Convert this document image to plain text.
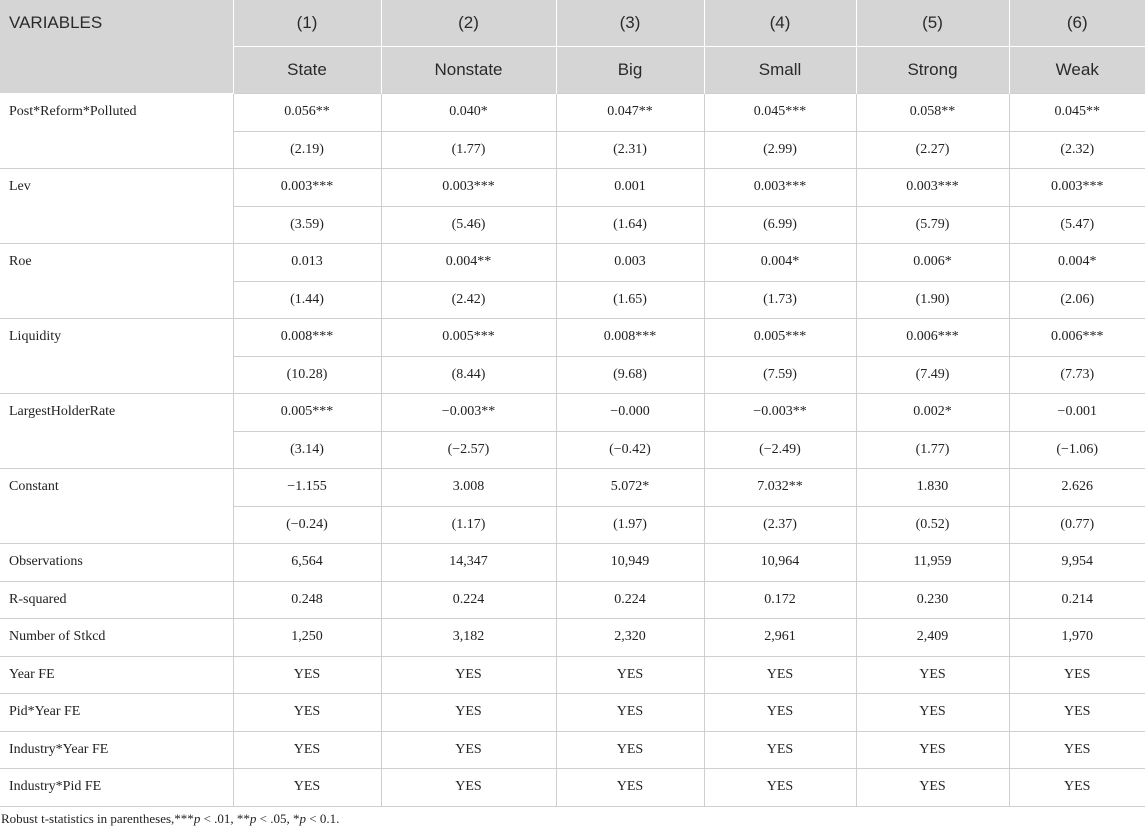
VARIABLES	(1)	(2)	(3)	(4)	(5)	(6)
	State	Nonstate	Big	Small	Strong	Weak
Post*Reform*Polluted	0.056**	0.040*	0.047**	0.045***	0.058**	0.045**
	(2.19)	(1.77)	(2.31)	(2.99)	(2.27)	(2.32)
Lev	0.003***	0.003***	0.001	0.003***	0.003***	0.003***
	(3.59)	(5.46)	(1.64)	(6.99)	(5.79)	(5.47)
Roe	0.013	0.004**	0.003	0.004*	0.006*	0.004*
	(1.44)	(2.42)	(1.65)	(1.73)	(1.90)	(2.06)
Liquidity	0.008***	0.005***	0.008***	0.005***	0.006***	0.006***
	(10.28)	(8.44)	(9.68)	(7.59)	(7.49)	(7.73)
LargestHolderRate	0.005***	−0.003**	−0.000	−0.003**	0.002*	−0.001
	(3.14)	(−2.57)	(−0.42)	(−2.49)	(1.77)	(−1.06)
Constant	−1.155	3.008	5.072*	7.032**	1.830	2.626
	(−0.24)	(1.17)	(1.97)	(2.37)	(0.52)	(0.77)
Observations	6,564	14,347	10,949	10,964	11,959	9,954
R-squared	0.248	0.224	0.224	0.172	0.230	0.214
Number of Stkcd	1,250	3,182	2,320	2,961	2,409	1,970
Year FE	YES	YES	YES	YES	YES	YES
Pid*Year FE	YES	YES	YES	YES	YES	YES
Industry*Year FE	YES	YES	YES	YES	YES	YES
Industry*Pid FE	YES	YES	YES	YES	YES	YES
Robust t-statistics in parentheses,***p < .01, **p < .05, *p < 0.1.
